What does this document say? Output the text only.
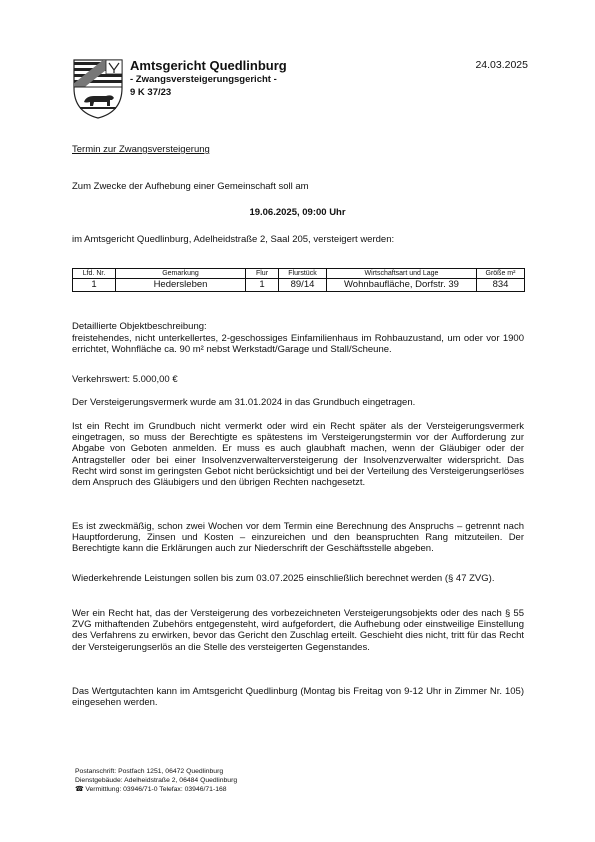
Amtsgericht Quedlinburg
- Zwangsversteigerungsgericht -
9 K 37/23
24.03.2025
Termin zur Zwangsversteigerung
Zum Zwecke der Aufhebung einer Gemeinschaft soll am
19.06.2025, 09:00 Uhr
im Amtsgericht Quedlinburg, Adelheidstraße 2, Saal 205, versteigert werden:
Lfd. Nr.	Gemarkung	Flur	Flurstück	Wirtschaftsart und Lage	Größe m²
1	Hedersleben	1	89/14	Wohnbaufläche, Dorfstr. 39	834
Detaillierte Objektbeschreibung:
freistehendes, nicht unterkellertes, 2-geschossiges Einfamilienhaus im Rohbauzustand, um oder vor 1900 errichtet, Wohnfläche ca. 90 m² nebst Werkstadt/Garage und Stall/Scheune.
Verkehrswert: 5.000,00 €
Der Versteigerungsvermerk wurde am 31.01.2024 in das Grundbuch eingetragen.
Ist ein Recht im Grundbuch nicht vermerkt oder wird ein Recht später als der Versteigerungsvermerk eingetragen, so muss der Berechtigte es spätestens im Versteigerungstermin vor der Aufforderung zur Abgabe von Geboten anmelden. Er muss es auch glaubhaft machen, wenn der Gläubiger oder der Antragsteller oder bei einer Insolvenzverwalterversteigerung der Insolvenzverwalter widerspricht. Das Recht wird sonst im geringsten Gebot nicht berücksichtigt und bei der Verteilung des Versteigerungserlöses dem Anspruch des Gläubigers und den übrigen Rechten nachgesetzt.
Es ist zweckmäßig, schon zwei Wochen vor dem Termin eine Berechnung des Anspruchs – getrennt nach Hauptforderung, Zinsen und Kosten – einzureichen und den beanspruchten Rang mitzuteilen. Der Berechtigte kann die Erklärungen auch zur Niederschrift der Geschäftsstelle abgeben.
Wiederkehrende Leistungen sollen bis zum 03.07.2025 einschließlich berechnet werden (§ 47 ZVG).
Wer ein Recht hat, das der Versteigerung des vorbezeichneten Versteigerungsobjekts oder des nach § 55 ZVG mithaftenden Zubehörs entgegensteht, wird aufgefordert, die Aufhebung oder einstweilige Einstellung des Verfahrens zu erwirken, bevor das Gericht den Zuschlag erteilt. Geschieht dies nicht, tritt für das Recht der Versteigerungserlös an die Stelle des versteigerten Gegenstandes.
Das Wertgutachten kann im Amtsgericht Quedlinburg (Montag bis Freitag von 9-12 Uhr in Zimmer Nr. 105) eingesehen werden.
Postanschrift: Postfach 1251, 06472 Quedlinburg
Dienstgebäude: Adelheidstraße 2, 06484 Quedlinburg
☎ Vermittlung: 03946/71-0 Telefax: 03946/71-168
